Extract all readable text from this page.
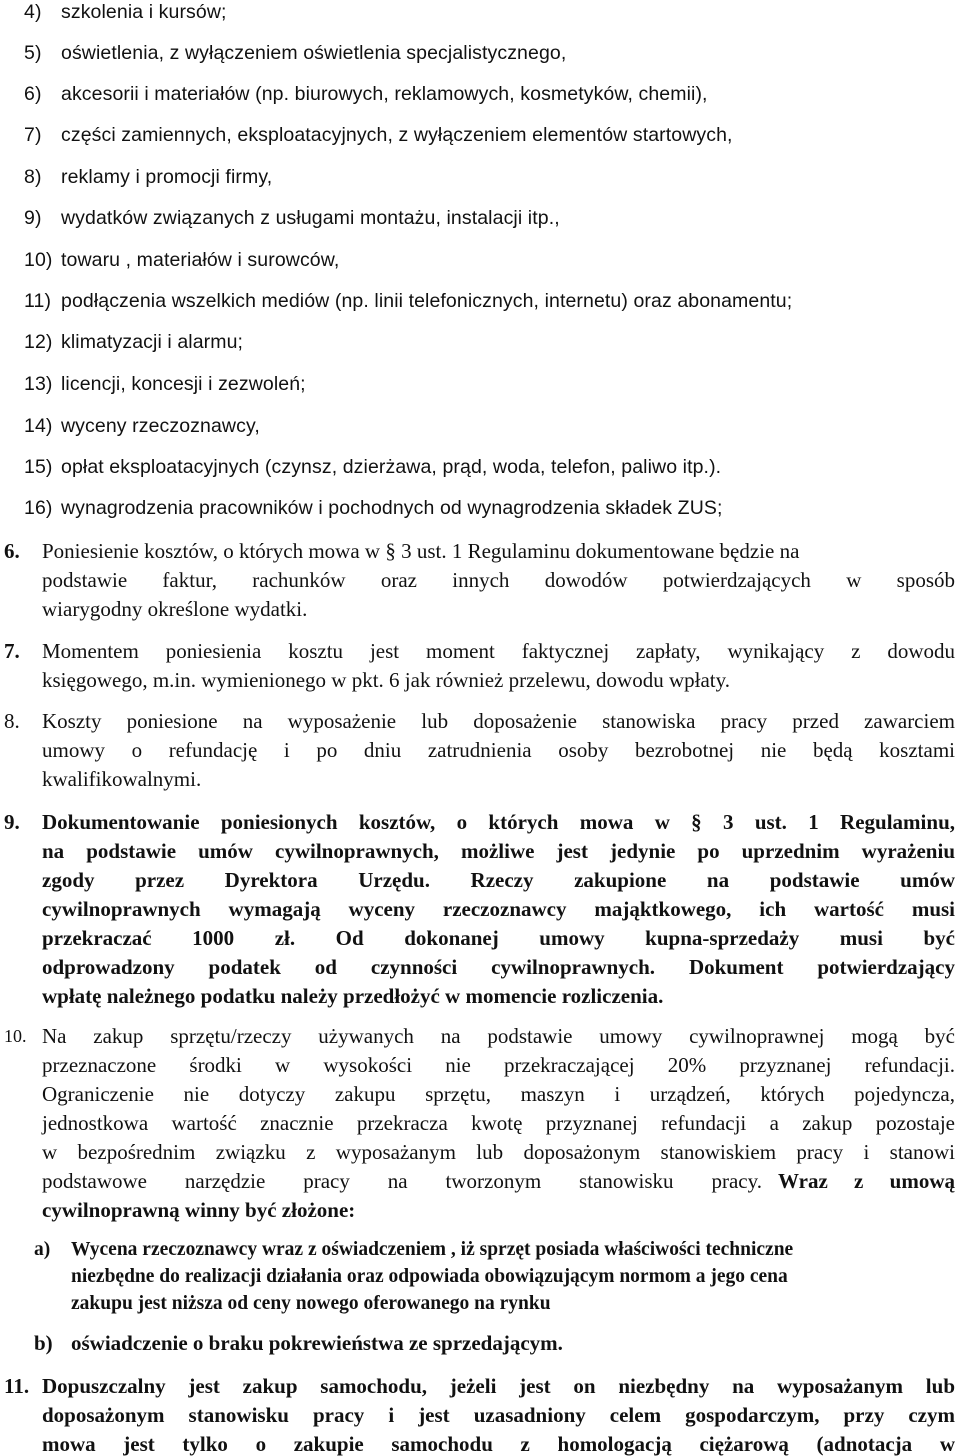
4) szkolenia i kursów;
5) oświetlenia, z wyłączeniem oświetlenia specjalistycznego,
6) akcesorii i materiałów (np. biurowych, reklamowych, kosmetyków, chemii),
7) części zamiennych, eksploatacyjnych, z wyłączeniem elementów startowych,
8) reklamy i promocji firmy,
9) wydatków związanych z usługami montażu, instalacji itp.,
10) towaru , materiałów i surowców,
11) podłączenia wszelkich mediów (np. linii telefonicznych, internetu) oraz abonamentu;
12) klimatyzacji i alarmu;
13) licencji, koncesji i zezwoleń;
14) wyceny rzeczoznawcy,
15) opłat eksploatacyjnych (czynsz, dzierżawa, prąd, woda, telefon, paliwo itp.).
16) wynagrodzenia pracowników i pochodnych od wynagrodzenia składek ZUS;
6. Poniesienie kosztów, o których mowa w § 3 ust. 1 Regulaminu dokumentowane będzie na
podstawie faktur, rachunków oraz innych dowodów potwierdzających w sposób
wiarygodny określone wydatki.
7. Momentem poniesienia kosztu jest moment faktycznej zapłaty, wynikający z dowodu
księgowego, m.in. wymienionego w pkt. 6 jak również przelewu, dowodu wpłaty.
8. Koszty poniesione na wyposażenie lub doposażenie stanowiska pracy przed zawarciem
umowy o refundację i po dniu zatrudnienia osoby bezrobotnej nie będą kosztami
kwalifikowalnymi.
9. Dokumentowanie poniesionych kosztów, o których mowa w § 3 ust. 1 Regulaminu,
na podstawie umów cywilnoprawnych, możliwe jest jedynie po uprzednim wyrażeniu
zgody przez Dyrektora Urzędu. Rzeczy zakupione na podstawie umów
cywilnoprawnych wymagają wyceny rzeczoznawcy mająktkowego, ich wartość musi
przekraczać 1000 zł. Od dokonanej umowy kupna-sprzedaży musi być
odprowadzony podatek od czynności cywilnoprawnych. Dokument potwierdzający
wpłatę należnego podatku należy przedłożyć w momencie rozliczenia.
10. Na zakup sprzętu/rzeczy używanych na podstawie umowy cywilnoprawnej mogą być
przeznaczone środki w wysokości nie przekraczającej 20% przyznanej refundacji.
Ograniczenie nie dotyczy zakupu sprzętu, maszyn i urządzeń, których pojedyncza,
jednostkowa wartość znacznie przekracza kwotę przyznanej refundacji a zakup pozostaje
w bezpośrednim związku z wyposażanym lub doposażonym stanowiskiem pracy i stanowi
podstawowe narzędzie pracy na tworzonym stanowisku pracy. Wraz z umową
cywilnoprawną winny być złożone:
a) Wycena rzeczoznawcy wraz z oświadczeniem , iż sprzęt posiada właściwości techniczne
niezbędne do realizacji działania oraz odpowiada obowiązującym normom a jego cena
zakupu jest niższa od ceny nowego oferowanego na rynku
b) oświadczenie o braku pokrewieństwa ze sprzedającym.
11. Dopuszczalny jest zakup samochodu, jeżeli jest on niezbędny na wyposażanym lub
doposażonym stanowisku pracy i jest uzasadniony celem gospodarczym, przy czym
mowa jest tylko o zakupie samochodu z homologacją ciężarową (adnotacja w
